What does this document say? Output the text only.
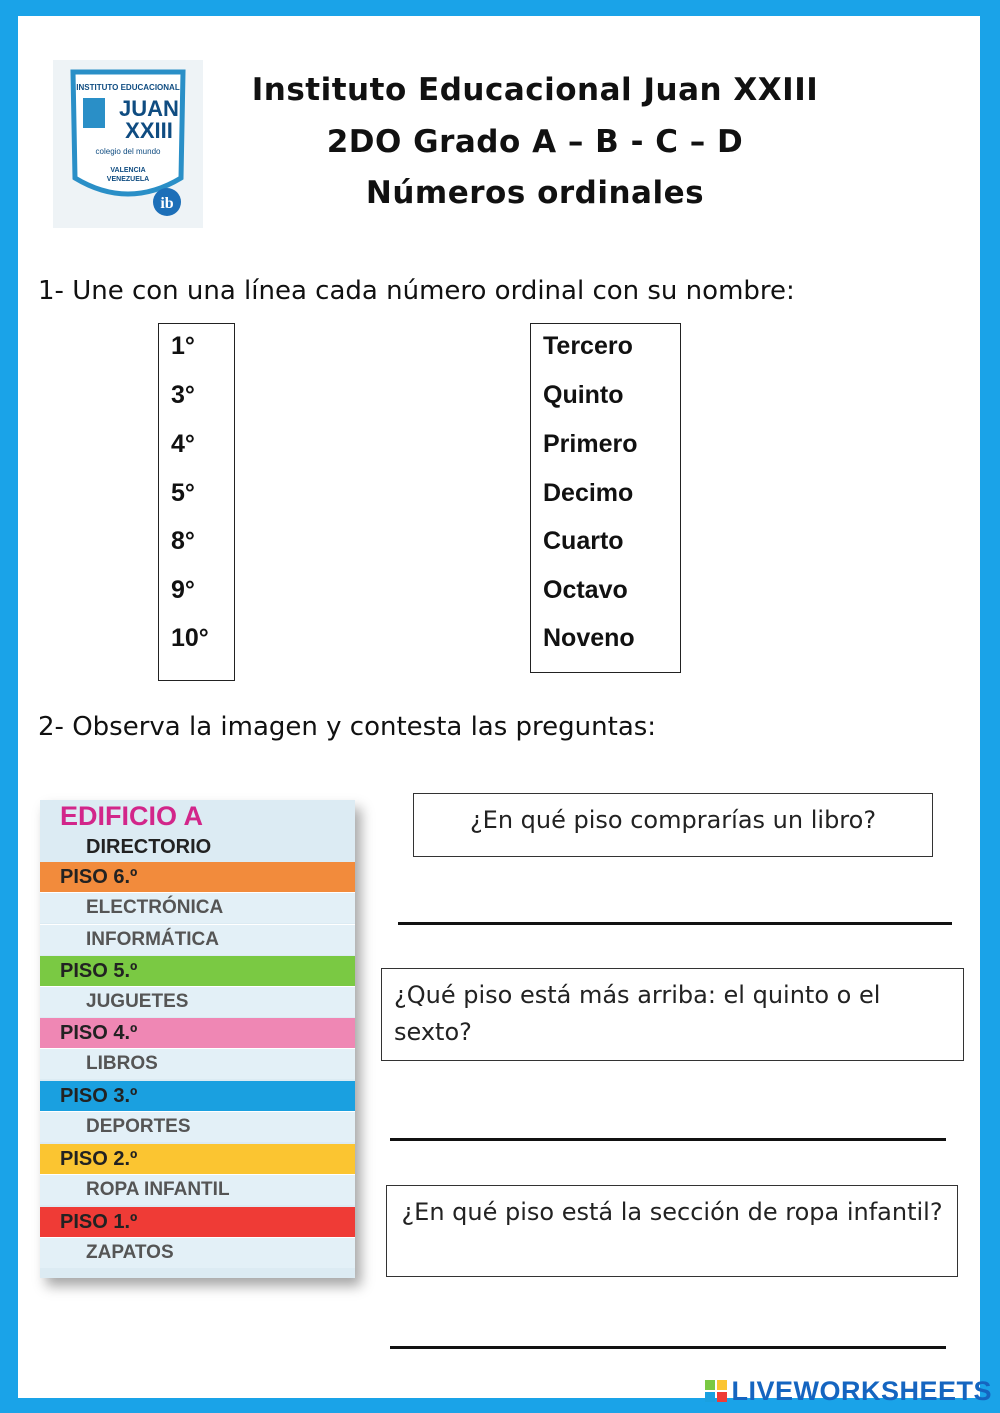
INSTITUTO EDUCACIONAL
JUAN
XXIII
colegio del mundo
VALENCIA
VENEZUELA
ib
Instituto Educacional Juan XXIII
2DO Grado A – B - C – D
Números ordinales
1- Une con una línea cada número ordinal con su nombre:
1°
3°
4°
5°
8°
9°
10°
Tercero
Quinto
Primero
Decimo
Cuarto
Octavo
Noveno
2- Observa la imagen y contesta las preguntas:
EDIFICIO A
DIRECTORIO
PISO 6.º
ELECTRÓNICA
INFORMÁTICA
PISO 5.º
JUGUETES
PISO 4.º
LIBROS
PISO 3.º
DEPORTES
PISO 2.º
ROPA INFANTIL
PISO 1.º
ZAPATOS
¿En qué piso comprarías un libro?
¿Qué piso está más arriba: el quinto o el sexto?
¿En qué piso está la sección de ropa infantil?
LIVEWORKSHEETS
